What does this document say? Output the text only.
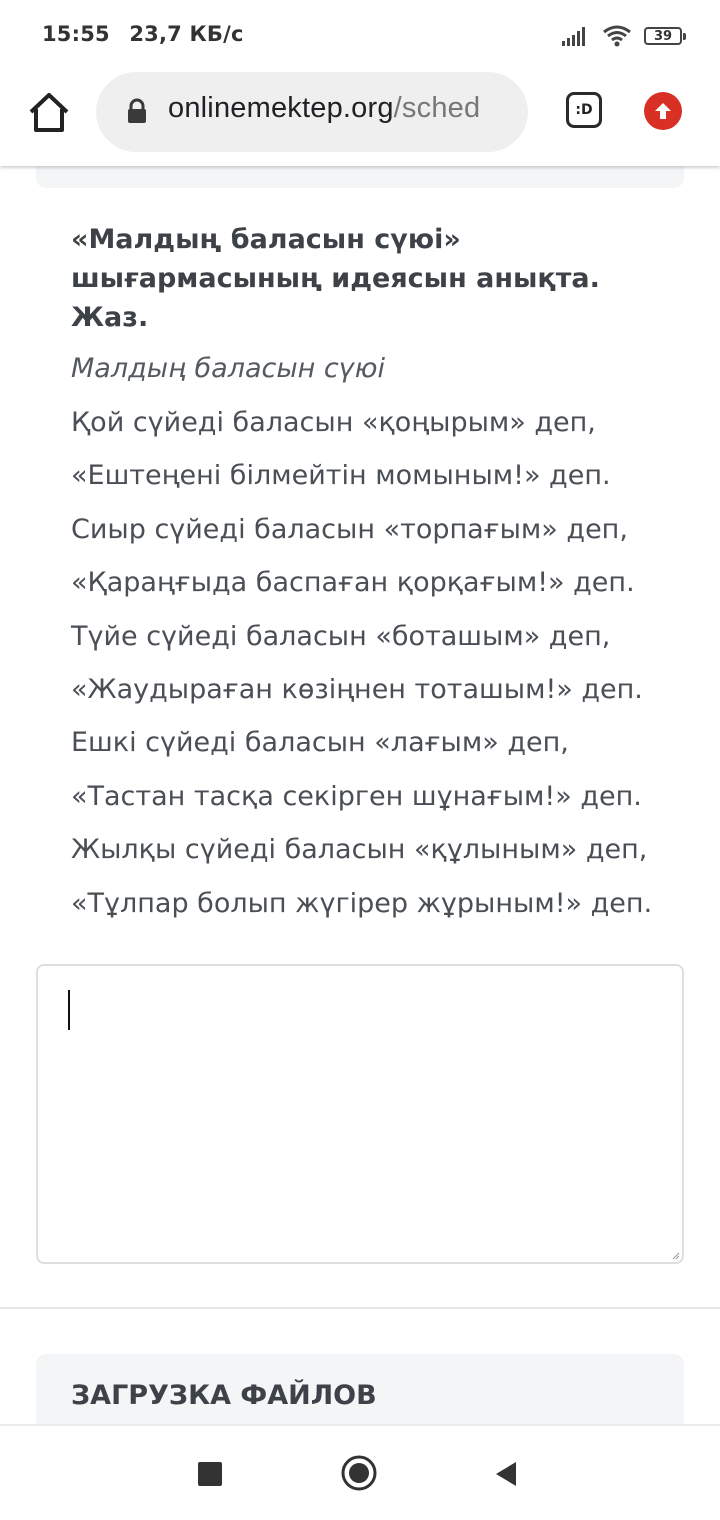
15:55 23,7 КБ/с	39
onlinemektep.org/sched	:D
«Малдың баласын сүюі» шығармасының идеясын анықта. Жаз.
Малдың баласын сүюі
Қой сүйеді баласын «қоңырым» деп,
«Ештеңені білмейтін момыным!» деп.
Сиыр сүйеді баласын «торпағым» деп,
«Қараңғыда баспаған қорқағым!» деп.
Түйе сүйеді баласын «боташым» деп,
«Жаудыраған көзіңнен тоташым!» деп.
Ешкі сүйеді баласын «лағым» деп,
«Тастан тасқа секірген шұнағым!» деп.
Жылқы сүйеді баласын «құлыным» деп,
«Тұлпар болып жүгірер жұрыным!» деп.
ЗАГРУЗКА ФАЙЛОВ
